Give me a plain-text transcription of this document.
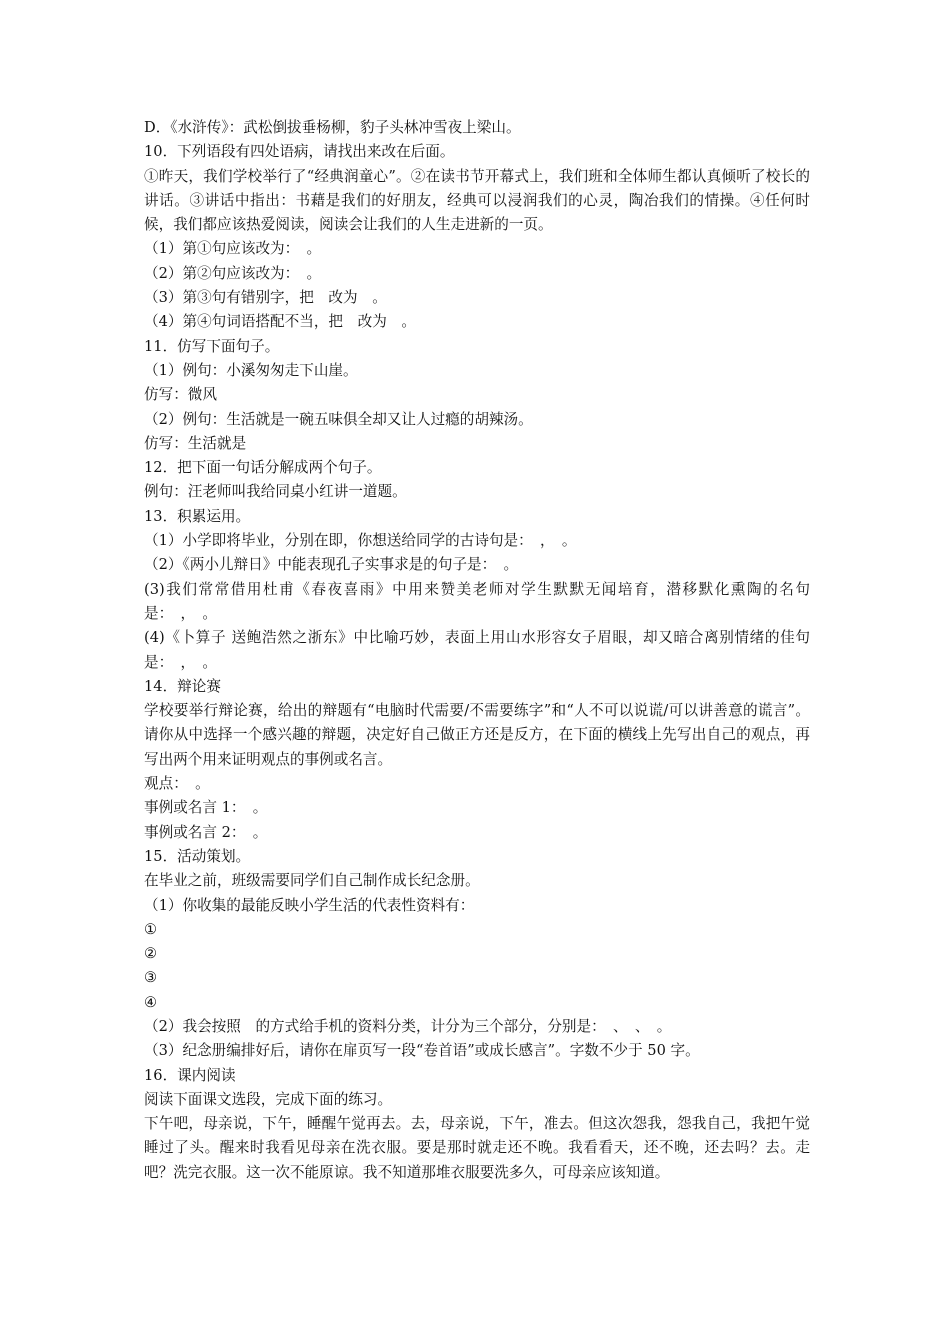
D．《水浒传》：武松倒拔垂杨柳，豹子头林冲雪夜上梁山。
10．下列语段有四处语病，请找出来改在后面。

①昨天，我们学校举行了“经典润童心”。②在读书节开幕式上，我们班和全体师生都认真倾听了校长的讲话。③讲话中指出：书藉是我们的好朋友，经典可以浸润我们的心灵，陶冶我们的情操。④任何时候，我们都应该热爱阅读，阅读会让我们的人生走进新的一页。

（1）第①句应该改为：　。
（2）第②句应该改为：　。
（3）第③句有错别字，把　改为　。
（4）第④句词语搭配不当，把　改为　。
11．仿写下面句子。
（1）例句：小溪匆匆走下山崖。
仿写：微风
（2）例句：生活就是一碗五味俱全却又让人过瘾的胡辣汤。
仿写：生活就是
12．把下面一句话分解成两个句子。
例句：汪老师叫我给同桌小红讲一道题。
13．积累运用。
（1）小学即将毕业，分别在即，你想送给同学的古诗句是：　，　。
（2）《两小儿辩日》中能表现孔子实事求是的句子是：　。

(3)我们常常借用杜甫《春夜喜雨》中用来赞美老师对学生默默无闻培育，潜移默化熏陶的名句是：　，　。

(4)《卜算子 送鲍浩然之浙东》中比喻巧妙，表面上用山水形容女子眉眼，却又暗合离别情绪的佳句是：　，　。

14．辩论赛

学校要举行辩论赛，给出的辩题有“电脑时代需要/不需要练字”和“人不可以说谎/可以讲善意的谎言”。请你从中选择一个感兴趣的辩题，决定好自己做正方还是反方，在下面的横线上先写出自己的观点，再写出两个用来证明观点的事例或名言。

观点：　。
事例或名言 1：　。
事例或名言 2：　。
15．活动策划。
在毕业之前，班级需要同学们自己制作成长纪念册。
（1）你收集的最能反映小学生活的代表性资料有：
①
②
③
④
（2）我会按照　的方式给手机的资料分类，计分为三个部分，分别是：　、　、　。
（3）纪念册编排好后，请你在扉页写一段“卷首语”或成长感言”。字数不少于 50 字。
16．课内阅读
阅读下面课文选段，完成下面的练习。

下午吧，母亲说，下午，睡醒午觉再去。去，母亲说，下午，准去。但这次怨我，怨我自己，我把午觉睡过了头。醒来时我看见母亲在洗衣服。要是那时就走还不晚。我看看天，还不晚，还去吗？去。走吧？洗完衣服。这一次不能原谅。我不知道那堆衣服要洗多久，可母亲应该知道。
